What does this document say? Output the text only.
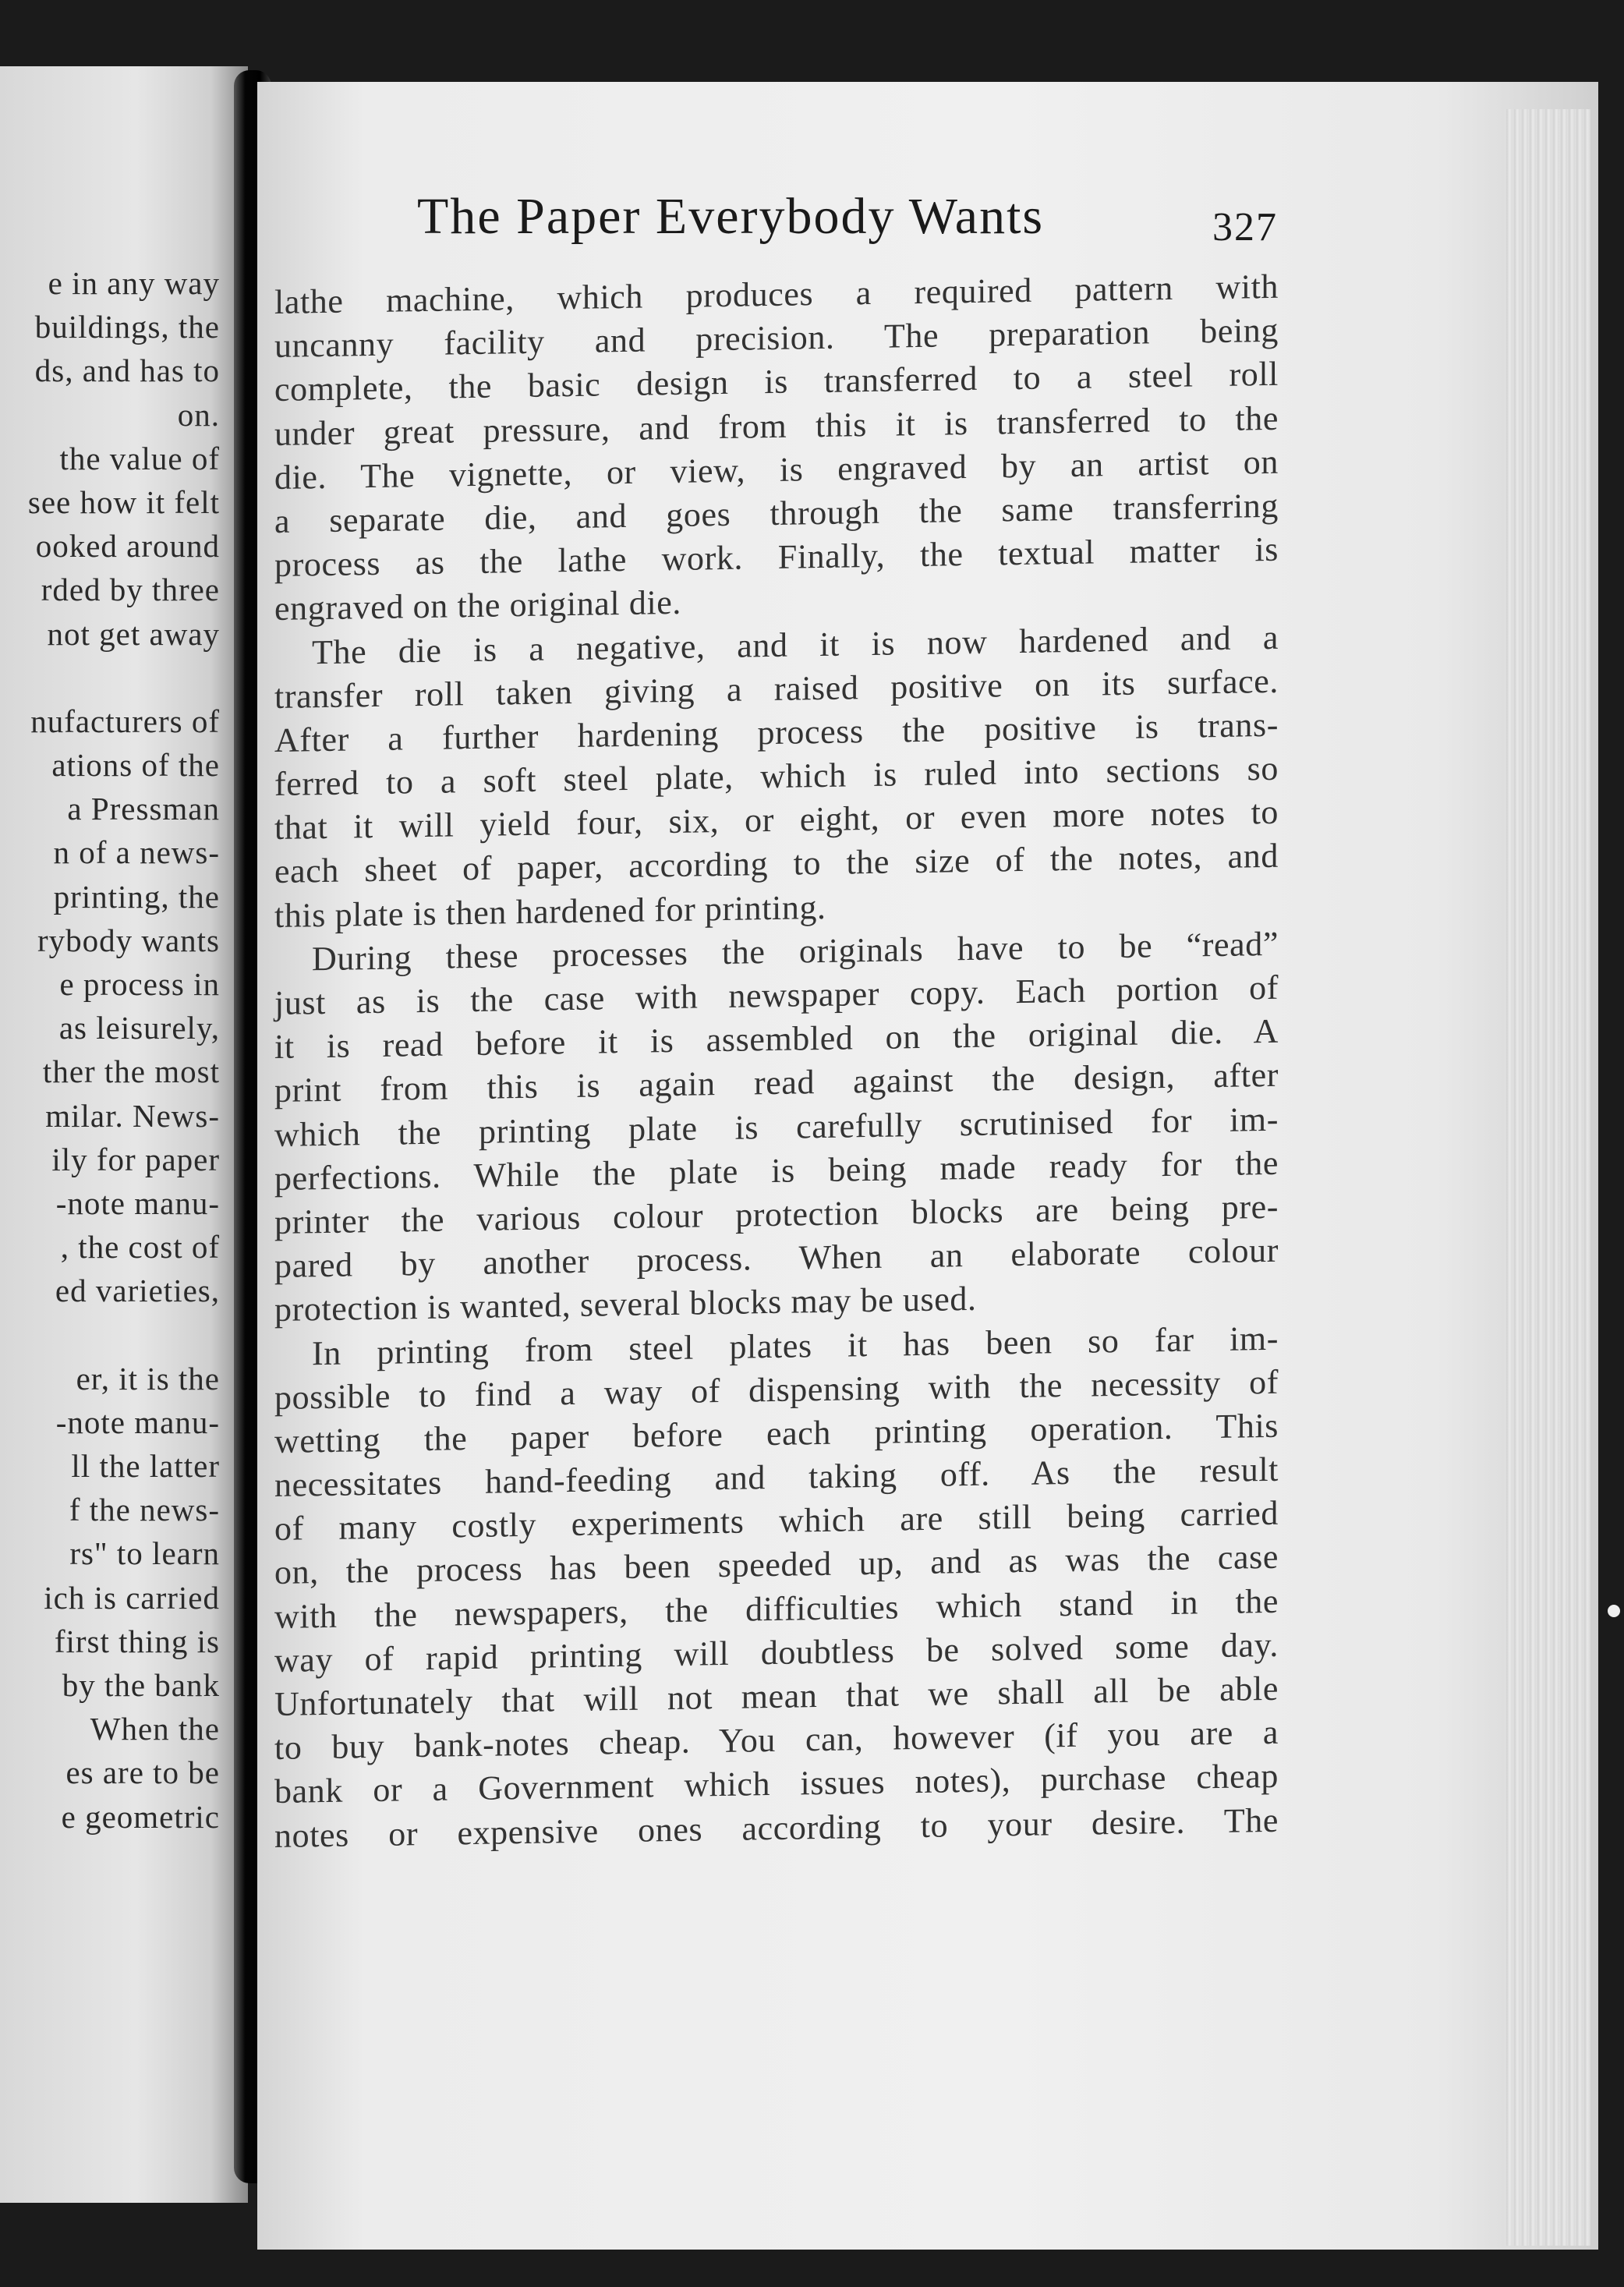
e in any way
buildings, the
ds, and has to
on.
the value of
see how it felt
ooked around
rded by three
not get away
nufacturers of
ations of the
a Pressman
n of a news-
printing, the
rybody wants
e process in
as leisurely,
ther the most
milar. News-
ily for paper
-note manu-
, the cost of
ed varieties,
er, it is the
-note manu-
ll the latter
f the news-
rs" to learn
ich is carried
first thing is
by the bank
When the
es are to be
e geometric
The Paper Everybody Wants	327
lathe machine, which produces a required pattern with
uncanny facility and precision. The preparation being
complete, the basic design is transferred to a steel roll
under great pressure, and from this it is transferred to the
die. The vignette, or view, is engraved by an artist on
a separate die, and goes through the same transferring
process as the lathe work. Finally, the textual matter is
engraved on the original die.
The die is a negative, and it is now hardened and a
transfer roll taken giving a raised positive on its surface.
After a further hardening process the positive is trans-
ferred to a soft steel plate, which is ruled into sections so
that it will yield four, six, or eight, or even more notes to
each sheet of paper, according to the size of the notes, and
this plate is then hardened for printing.
During these processes the originals have to be “read”
just as is the case with newspaper copy. Each portion of
it is read before it is assembled on the original die. A
print from this is again read against the design, after
which the printing plate is carefully scrutinised for im-
perfections. While the plate is being made ready for the
printer the various colour protection blocks are being pre-
pared by another process. When an elaborate colour
protection is wanted, several blocks may be used.
In printing from steel plates it has been so far im-
possible to find a way of dispensing with the necessity of
wetting the paper before each printing operation. This
necessitates hand-feeding and taking off. As the result
of many costly experiments which are still being carried
on, the process has been speeded up, and as was the case
with the newspapers, the difficulties which stand in the
way of rapid printing will doubtless be solved some day.
Unfortunately that will not mean that we shall all be able
to buy bank-notes cheap. You can, however (if you are a
bank or a Government which issues notes), purchase cheap
notes or expensive ones according to your desire. The
